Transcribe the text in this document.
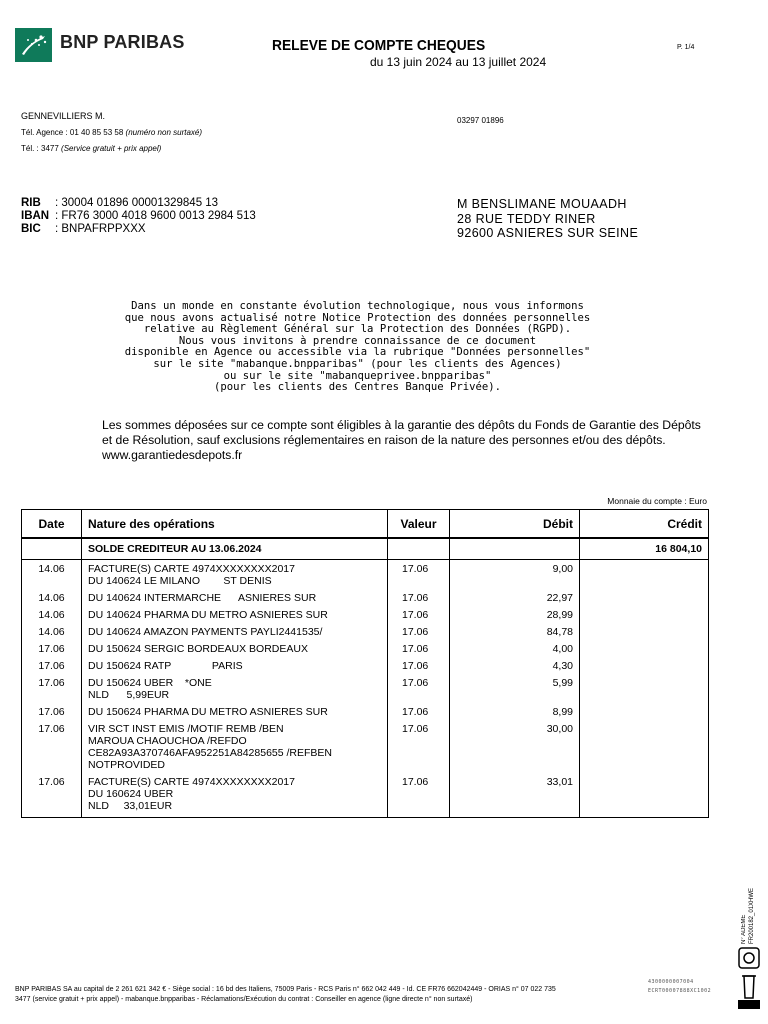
BNP PARIBAS	RELEVE DE COMPTE CHEQUES
du 13 juin 2024 au 13 juillet 2024
P. 1/4
GENNEVILLIERS M.
Tél. Agence : 01 40 85 53 58 (numéro non surtaxé)
Tél. : 3477 (Service gratuit + prix appel)
03297 01896
RIB : 30004 01896 00001329845 13
IBAN : FR76 3000 4018 9600 0013 2984 513
BIC : BNPAFRPPXXX
M BENSLIMANE MOUAADH
28 RUE TEDDY RINER
92600 ASNIERES SUR SEINE
Dans un monde en constante évolution technologique, nous vous informons
que nous avons actualisé notre Notice Protection des données personnelles
relative au Règlement Général sur la Protection des Données (RGPD).
Nous vous invitons à prendre connaissance de ce document
disponible en Agence ou accessible via la rubrique "Données personnelles"
sur le site "mabanque.bnpparibas" (pour les clients des Agences)
ou sur le site "mabanqueprivee.bnpparibas"
(pour les clients des Centres Banque Privée).
Les sommes déposées sur ce compte sont éligibles à la garantie des dépôts du Fonds de Garantie des Dépôts et de Résolution, sauf exclusions réglementaires en raison de la nature des personnes et/ou des dépôts.
www.garantiedesdepots.fr
Monnaie du compte : Euro
Date	Nature des opérations	Valeur	Débit	Crédit
	SOLDE CREDITEUR AU 13.06.2024			16 804,10
14.06	FACTURE(S) CARTE 4974XXXXXXXX2017
DU 140624 LE MILANO        ST DENIS	17.06	9,00	
14.06	DU 140624 INTERMARCHE      ASNIERES SUR	17.06	22,97	
14.06	DU 140624 PHARMA DU METRO ASNIERES SUR	17.06	28,99	
14.06	DU 140624 AMAZON PAYMENTS PAYLI2441535/	17.06	84,78	
17.06	DU 150624 SERGIC BORDEAUX BORDEAUX	17.06	4,00	
17.06	DU 150624 RATP              PARIS	17.06	4,30	
17.06	DU 150624 UBER    *ONE
NLD      5,99EUR	17.06	5,99	
17.06	DU 150624 PHARMA DU METRO ASNIERES SUR	17.06	8,99	
17.06	VIR SCT INST EMIS /MOTIF REMB /BEN
MAROUA CHAOUCHOA /REFDO
CE82A93A370746AFA952251A84285655 /REFBEN
NOTPROVIDED	17.06	30,00	
17.06	FACTURE(S) CARTE 4974XXXXXXXX2017
DU 160624 UBER
NLD     33,01EUR	17.06	33,01	
BNP PARIBAS SA au capital de 2 261 621 342 € - Siège social : 16 bd des Italiens, 75009 Paris - RCS Paris n° 662 042 449 - Id. CE FR76 662042449 - ORIAS n° 07 022 735
3477 (service gratuit + prix appel) - mabanque.bnpparibas - Réclamations/Exécution du contrat : Conseiller en agence (ligne directe n° non surtaxé)
4300000007004
ECRT00007888XC1002
N° ADEME
FR200182_01XHWE
